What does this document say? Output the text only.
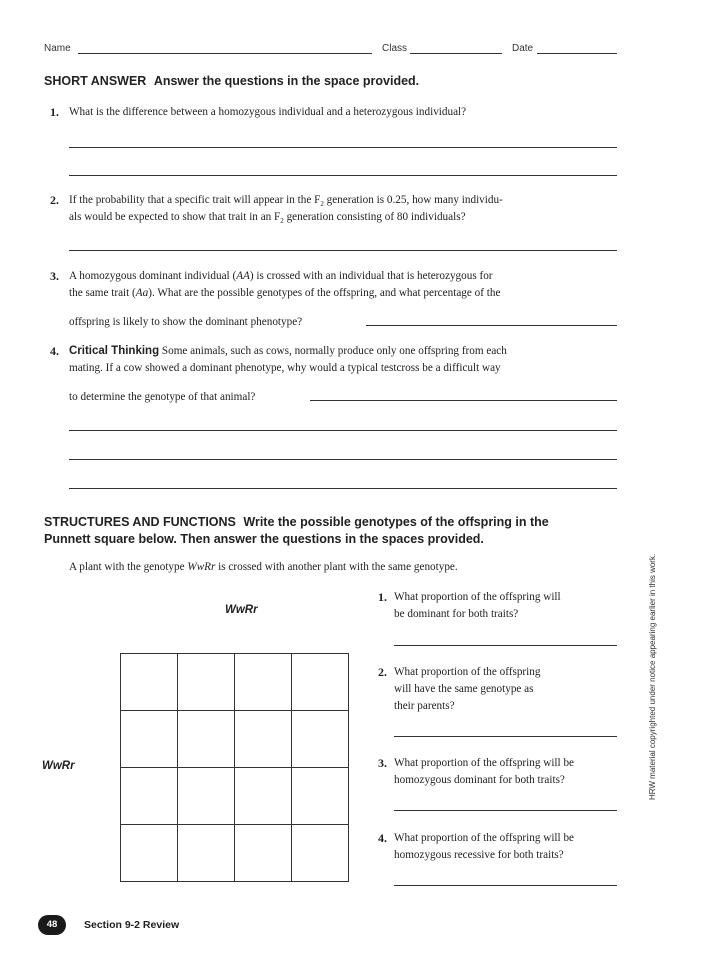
Name	Class	Date
SHORT ANSWER Answer the questions in the space provided.
1. What is the difference between a homozygous individual and a heterozygous individual?
2. If the probability that a specific trait will appear in the $F_2$ generation is 0.25, how many individu-
als would be expected to show that trait in an $F_2$ generation consisting of 80 individuals?
3. A homozygous dominant individual (AA) is crossed with an individual that is heterozygous for
the same trait (Aa). What are the possible genotypes of the offspring, and what percentage of the
offspring is likely to show the dominant phenotype?
4. Critical Thinking Some animals, such as cows, normally produce only one offspring from each
mating. If a cow showed a dominant phenotype, why would a typical testcross be a difficult way
to determine the genotype of that animal?
STRUCTURES AND FUNCTIONS Write the possible genotypes of the offspring in the
Punnett square below. Then answer the questions in the spaces provided.
A plant with the genotype WwRr is crossed with another plant with the same genotype.
WwRr
WwRr

1. What proportion of the offspring will
be dominant for both traits?
2. What proportion of the offspring
will have the same genotype as
their parents?
3. What proportion of the offspring will be
homozygous dominant for both traits?
4. What proportion of the offspring will be
homozygous recessive for both traits?
HRW material copyrighted under notice appearing earlier in this work.
48	Section 9-2 Review
